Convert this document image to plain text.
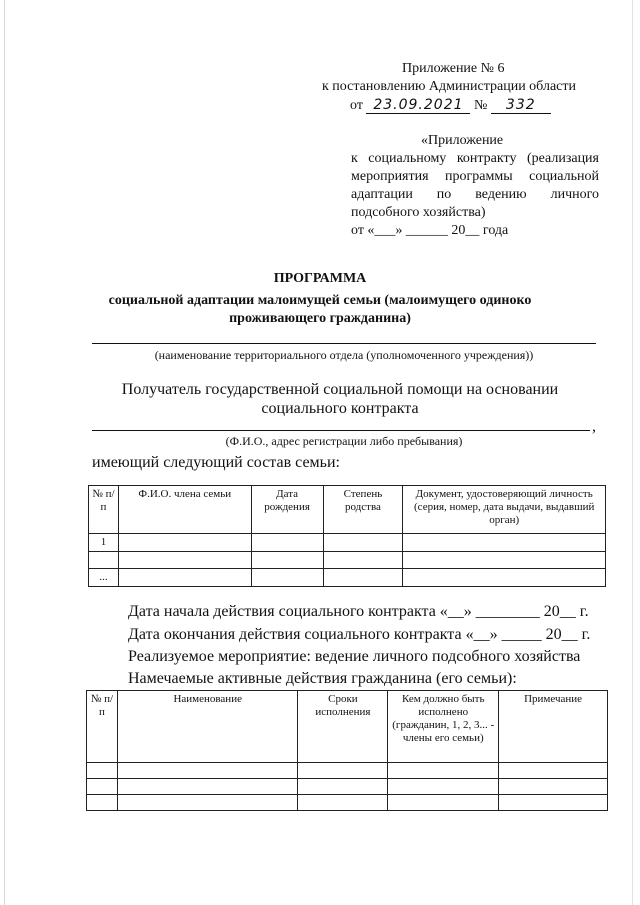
Приложение № 6
к постановлению Администрации области
от 23.09.2021 № 332
«Приложение
к социальному контракту (реализация
мероприятия программы социальной
адаптации по ведению личного
подсобного хозяйства)
от «___» ______ 20__ года
ПРОГРАММА
социальной адаптации малоимущей семьи (малоимущего одиноко
проживающего гражданина)
(наименование территориального отдела (уполномоченного учреждения))
Получатель государственной социальной помощи на основании
социального контракта
,
(Ф.И.О., адрес регистрации либо пребывания)
имеющий следующий состав семьи:
№ п/п	Ф.И.О. члена семьи	Дата рождения	Степень родства	Документ, удостоверяющий личность (серия, номер, дата выдачи, выдавший орган)
1				

...				
Дата начала действия социального контракта «__» ________ 20__ г.
Дата окончания действия социального контракта «__» _____ 20__ г.
Реализуемое мероприятие: ведение личного подсобного хозяйства
Намечаемые активные действия гражданина (его семьи):
№ п/п	Наименование	Сроки исполнения	Кем должно быть исполнено (гражданин, 1, 2, 3... - члены его семьи)	Примечание
